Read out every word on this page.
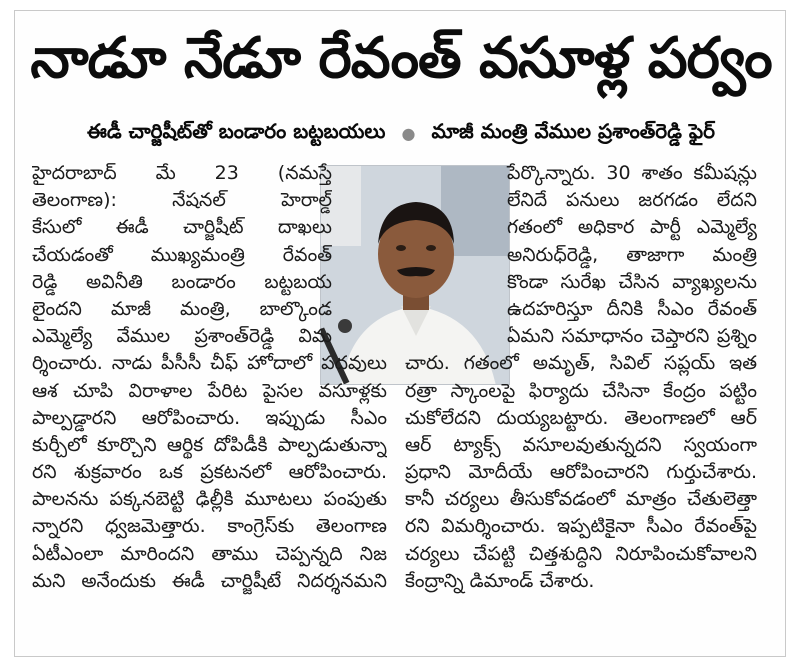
నాడూ నేడూ రేవంత్ వసూళ్ల పర్వం
ఈడీ చార్జిషీట్‌తో బండారం బట్టబయలు ● మాజీ మంత్రి వేముల ప్రశాంత్‌రెడ్డి ఫైర్
హైదరాబాద్ మే 23 (నమస్తే
తెలంగాణ): నేషనల్ హెరాల్డ్
కేసులో ఈడీ చార్జిషీట్ దాఖలు
చేయడంతో ముఖ్యమంత్రి రేవంత్
రెడ్డి అవినీతి బండారం బట్టబయ
లైందని మాజీ మంత్రి, బాల్కొండ
ఎమ్మెల్యే వేముల ప్రశాంత్‌రెడ్డి విమ
ర్శించారు. నాడు పీసీసీ చీఫ్ హోదాలో పదవులు
ఆశ చూపి విరాళాల పేరిట పైసల వసూళ్లకు
పాల్పడ్డారని ఆరోపించారు. ఇప్పుడు సీఎం
కుర్చీలో కూర్చొని ఆర్థిక దోపిడీకి పాల్పడుతున్నా
రని శుక్రవారం ఒక ప్రకటనలో ఆరోపించారు.
పాలనను పక్కనబెట్టి ఢిల్లీకి మూటలు పంపుతు
న్నారని ధ్వజమెత్తారు. కాంగ్రెస్‌కు తెలంగాణ
ఏటీఎంలా మారిందని తాము చెప్పన్నది నిజ
మని అనేందుకు ఈడీ చార్జిషీటే నిదర్శనమని
పేర్కొన్నారు. 30 శాతం కమీషన్లు
లేనిదే పనులు జరగడం లేదని
గతంలో అధికార పార్టీ ఎమ్మెల్యే
అనిరుధ్‌రెడ్డి, తాజాగా మంత్రి
కొండా సురేఖ చేసిన వ్యాఖ్యలను
ఉదహరిస్తూ దీనికి సీఎం రేవంత్
ఏమని సమాధానం చెప్తారని ప్రశ్నిం
చారు. గతంలో అమృత్, సివిల్ సప్లయ్ ఇత
రత్రా స్కాంలపై ఫిర్యాదు చేసినా కేంద్రం పట్టిం
చుకోలేదని దుయ్యబట్టారు. తెలంగాణలో ఆర్
ఆర్ ట్యాక్స్ వసూలవుతున్నదని స్వయంగా
ప్రధాని మోదీయే ఆరోపించారని గుర్తుచేశారు.
కానీ చర్యలు తీసుకోవడంలో మాత్రం చేతులెత్తా
రని విమర్శించారు. ఇప్పటికైనా సీఎం రేవంత్‌పై
చర్యలు చేపట్టి చిత్తశుద్ధిని నిరూపించుకోవాలని
కేంద్రాన్ని డిమాండ్ చేశారు.
